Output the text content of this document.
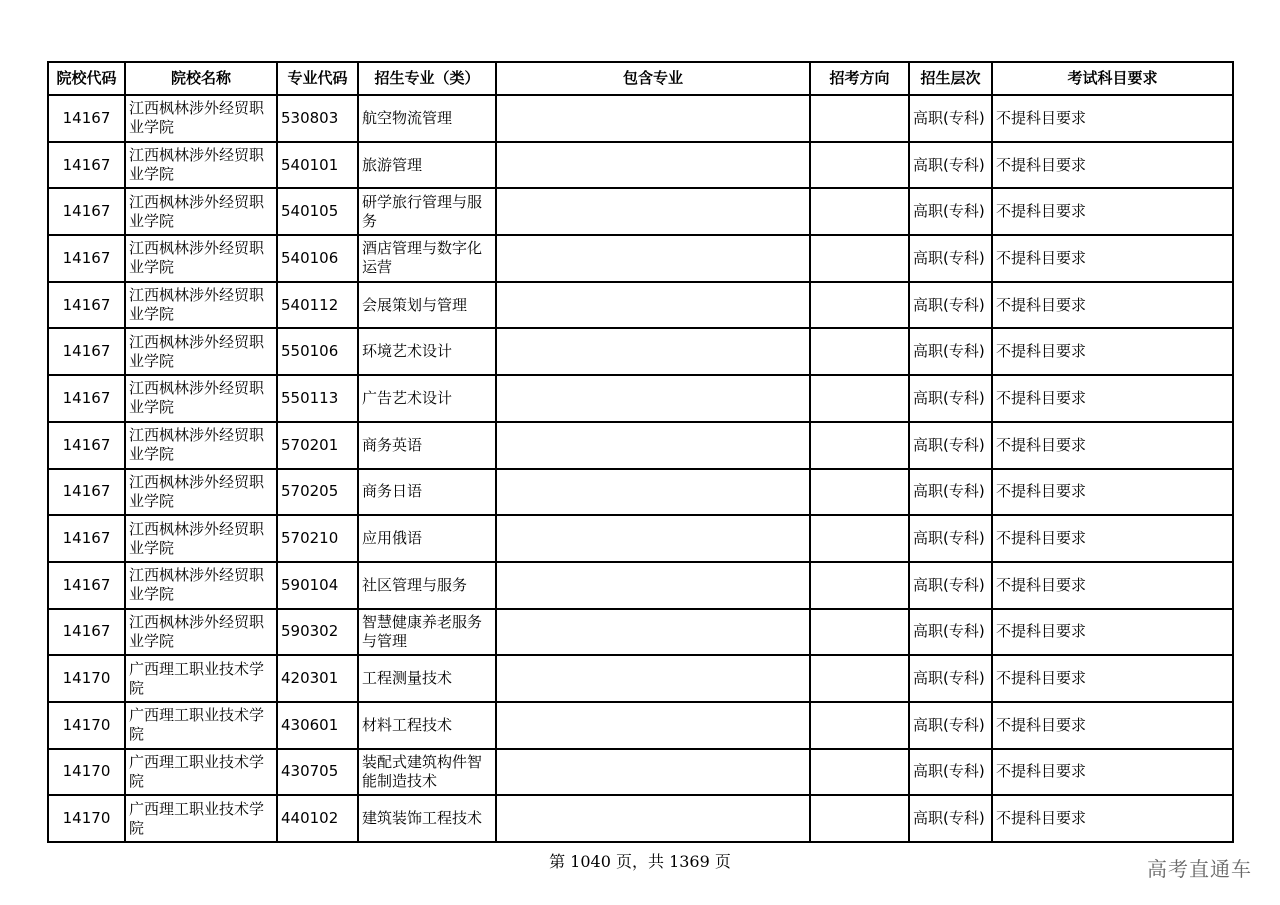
院校代码	院校名称	专业代码	招生专业（类）	包含专业	招考方向	招生层次	考试科目要求

14167	江西枫林涉外经贸职业学院	530803	航空物流管理			高职(专科)	不提科目要求

14167	江西枫林涉外经贸职业学院	540101	旅游管理			高职(专科)	不提科目要求

14167	江西枫林涉外经贸职业学院	540105	研学旅行管理与服务			高职(专科)	不提科目要求

14167	江西枫林涉外经贸职业学院	540106	酒店管理与数字化运营			高职(专科)	不提科目要求

14167	江西枫林涉外经贸职业学院	540112	会展策划与管理			高职(专科)	不提科目要求

14167	江西枫林涉外经贸职业学院	550106	环境艺术设计			高职(专科)	不提科目要求

14167	江西枫林涉外经贸职业学院	550113	广告艺术设计			高职(专科)	不提科目要求

14167	江西枫林涉外经贸职业学院	570201	商务英语			高职(专科)	不提科目要求

14167	江西枫林涉外经贸职业学院	570205	商务日语			高职(专科)	不提科目要求

14167	江西枫林涉外经贸职业学院	570210	应用俄语			高职(专科)	不提科目要求

14167	江西枫林涉外经贸职业学院	590104	社区管理与服务			高职(专科)	不提科目要求

14167	江西枫林涉外经贸职业学院	590302	智慧健康养老服务与管理			高职(专科)	不提科目要求

14170	广西理工职业技术学院	420301	工程测量技术			高职(专科)	不提科目要求

14170	广西理工职业技术学院	430601	材料工程技术			高职(专科)	不提科目要求

14170	广西理工职业技术学院	430705	装配式建筑构件智能制造技术			高职(专科)	不提科目要求

14170	广西理工职业技术学院	440102	建筑装饰工程技术			高职(专科)	不提科目要求
第 1040 页，共 1369 页	高考直通车
